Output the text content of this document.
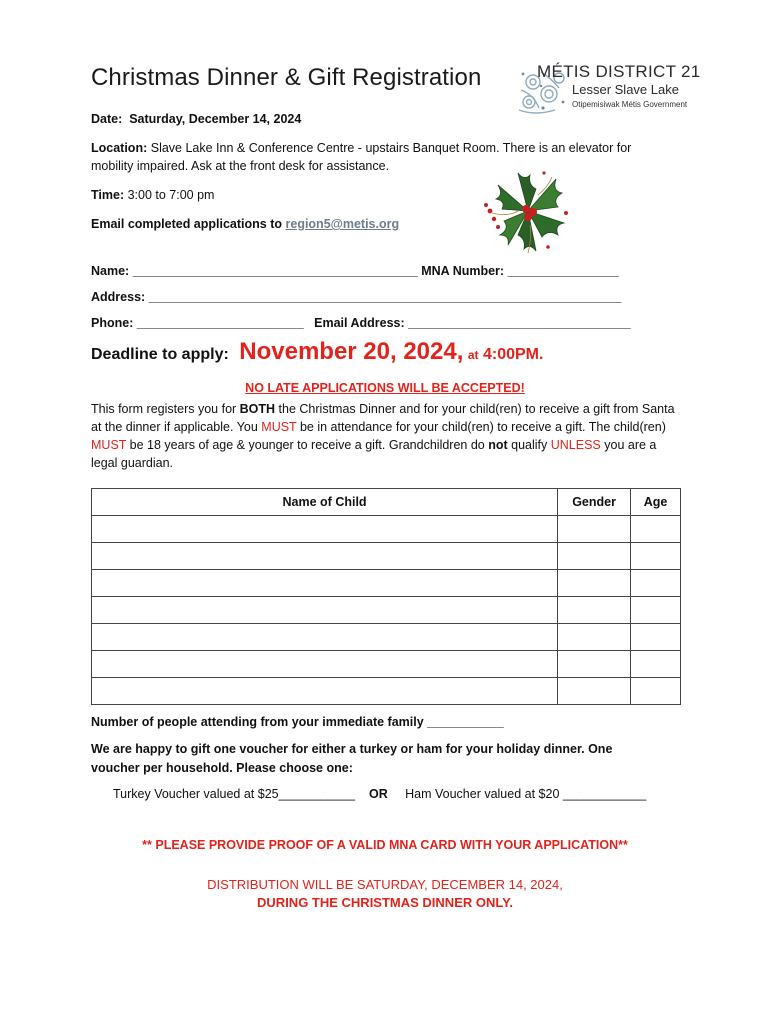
Christmas Dinner & Gift Registration	MÉTIS DISTRICT 21
Lesser Slave Lake
Otipemisiwak Métis Government
Date: Saturday, December 14, 2024
Location: Slave Lake Inn & Conference Centre - upstairs Banquet Room. There is an elevator for mobility impaired. Ask at the front desk for assistance.
Time: 3:00 to 7:00 pm
Email completed applications to region5@metis.org
Name: _________________________________________ MNA Number: ________________
Address: ____________________________________________________________________
Phone: ________________________ Email Address: ________________________________
Deadline to apply: November 20, 2024, at 4:00PM.
NO LATE APPLICATIONS WILL BE ACCEPTED!
This form registers you for BOTH the Christmas Dinner and for your child(ren) to receive a gift from Santa at the dinner if applicable. You MUST be in attendance for your child(ren) to receive a gift. The child(ren) MUST be 18 years of age & younger to receive a gift. Grandchildren do not qualify UNLESS you are a legal guardian.
Name of Child	Gender	Age

Number of people attending from your immediate family ___________
We are happy to gift one voucher for either a turkey or ham for your holiday dinner. One
voucher per household. Please choose one:
Turkey Voucher valued at $25___________ OR Ham Voucher valued at $20 ____________
** PLEASE PROVIDE PROOF OF A VALID MNA CARD WITH YOUR APPLICATION**
DISTRIBUTION WILL BE SATURDAY, DECEMBER 14, 2024,
DURING THE CHRISTMAS DINNER ONLY.
